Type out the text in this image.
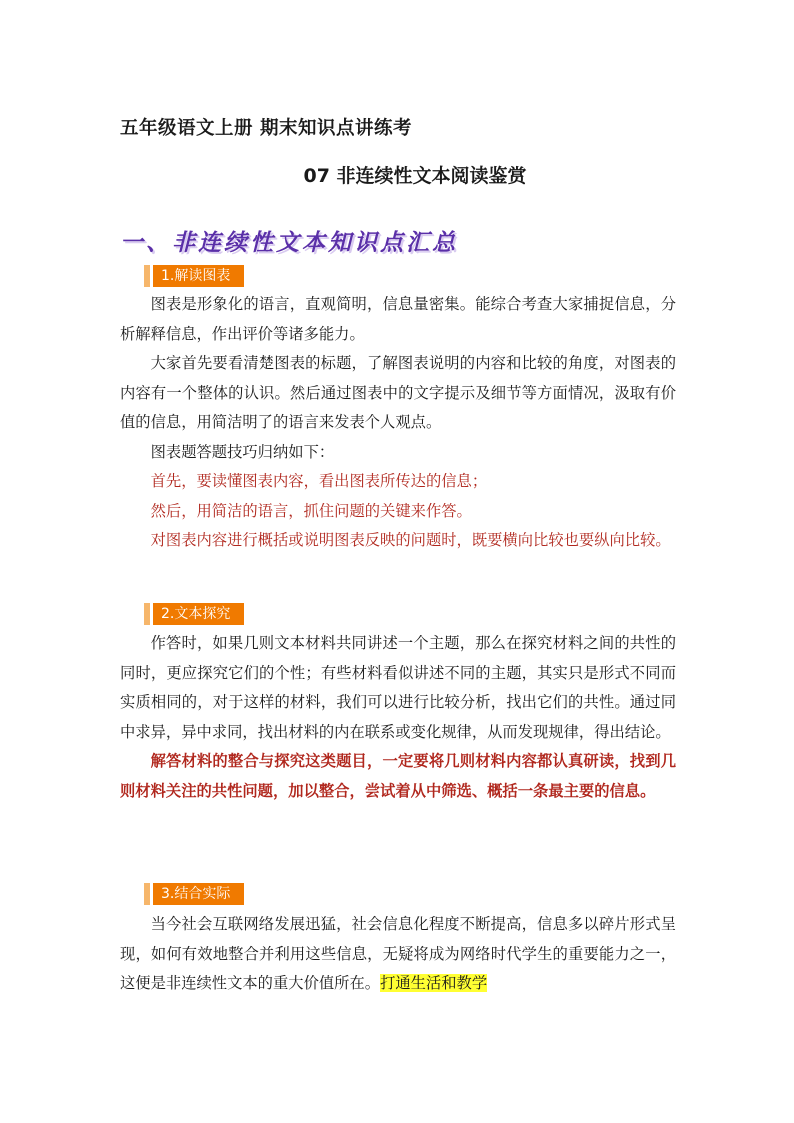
五年级语文上册 期末知识点讲练考
07 非连续性文本阅读鉴赏
一、非连续性文本知识点汇总
1.解读图表

图表是形象化的语言，直观简明，信息量密集。能综合考查大家捕捉信息，分析解释信息，作出评价等诸多能力。

大家首先要看清楚图表的标题，了解图表说明的内容和比较的角度，对图表的内容有一个整体的认识。然后通过图表中的文字提示及细节等方面情况，汲取有价值的信息，用简洁明了的语言来发表个人观点。

图表题答题技巧归纳如下：

首先，要读懂图表内容，看出图表所传达的信息；

然后，用简洁的语言，抓住问题的关键来作答。

对图表内容进行概括或说明图表反映的问题时，既要横向比较也要纵向比较。

2.文本探究

作答时，如果几则文本材料共同讲述一个主题，那么在探究材料之间的共性的同时，更应探究它们的个性；有些材料看似讲述不同的主题，其实只是形式不同而实质相同的，对于这样的材料，我们可以进行比较分析，找出它们的共性。通过同中求异，异中求同，找出材料的内在联系或变化规律，从而发现规律，得出结论。

解答材料的整合与探究这类题目，一定要将几则材料内容都认真研读，找到几则材料关注的共性问题，加以整合，尝试着从中筛选、概括一条最主要的信息。

3.结合实际

当今社会互联网络发展迅猛，社会信息化程度不断提高，信息多以碎片形式呈现，如何有效地整合并利用这些信息，无疑将成为网络时代学生的重要能力之一，这便是非连续性文本的重大价值所在。打通生活和教学
